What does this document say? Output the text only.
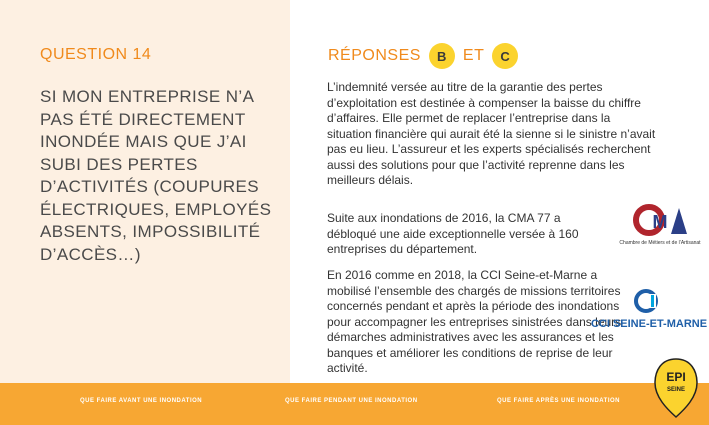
QUESTION 14
SI MON ENTREPRISE N’A PAS ÉTÉ DIRECTEMENT INONDÉE MAIS QUE J’AI SUBI DES PERTES D’ACTIVITÉS (COUPURES ÉLECTRIQUES, EMPLOYÉS ABSENTS, IMPOSSIBILITÉ D’ACCÈS…)
RÉPONSES	B	ET	C
L’indemnité versée au titre de la garantie des pertes d’exploitation est destinée à compenser la baisse du chiffre d’affaires. Elle permet de replacer l’entreprise dans la situation financière qui aurait été la sienne si le sinistre n’avait pas eu lieu. L’assureur et les experts spécialisés recherchent aussi des solutions pour que l’activité reprenne dans les meilleurs délais.
Suite aux inondations de 2016, la CMA 77 a débloqué une aide exceptionnelle versée à 160 entreprises du département.
En 2016 comme en 2018, la CCI Seine-et-Marne a mobilisé l’ensemble des chargés de missions territoires concernés pendant et après la période des inondations pour accompagner les entreprises sinistrées dans leurs démarches administratives avec les assurances et les banques et améliorer les conditions de reprise de leur activité.
M
Chambre de Métiers et de l’Artisanat
CCI SEINE-ET-MARNE
QUE FAIRE AVANT UNE INONDATION	QUE FAIRE PENDANT UNE INONDATION	QUE FAIRE APRÈS UNE INONDATION
EPI
SEINE
